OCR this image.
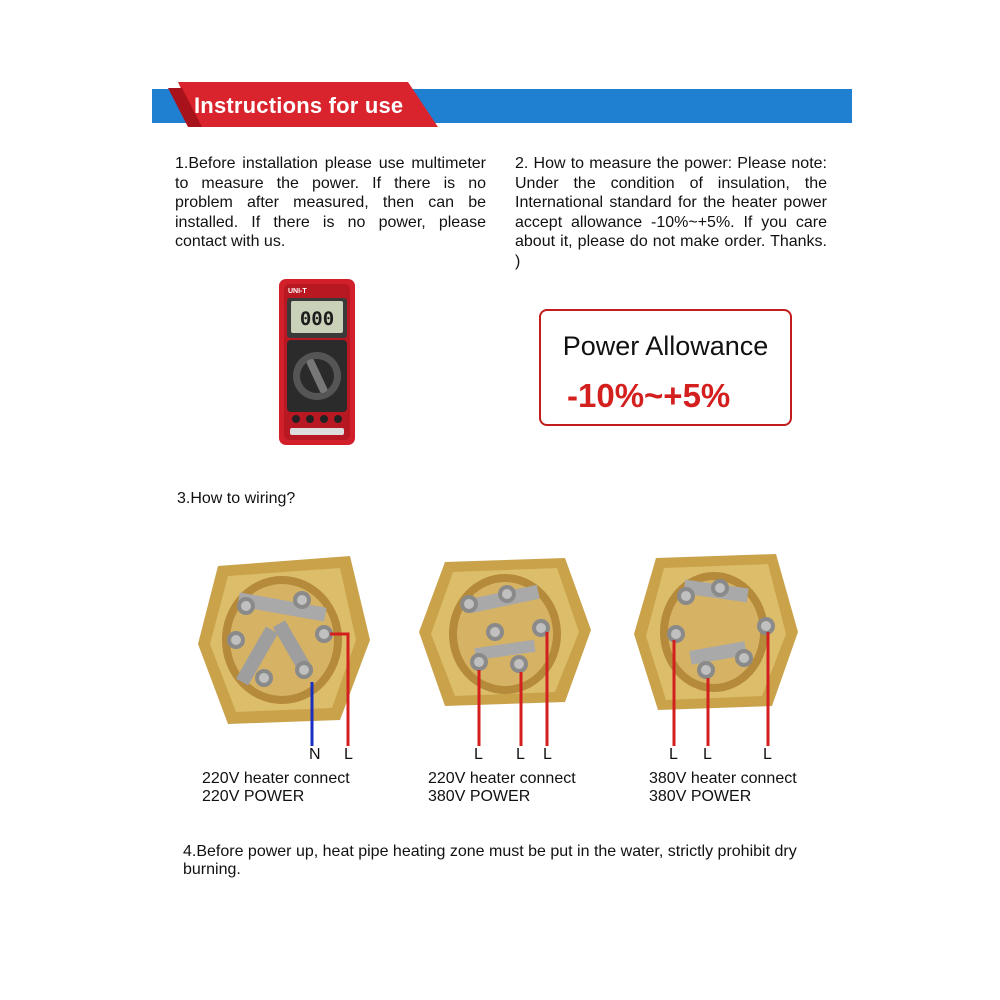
Instructions for use
1.Before installation please use multimeter to measure the power. If there is no problem after measured, then can be installed. If there is no power, please contact with us.
2. How to measure the power: Please note: Under the condition of insulation, the International standard for the heater power accept allowance -10%~+5%. If you care about it, please do not make order. Thanks. )
UNI-T
000
Power Allowance
-10%~+5%
3.How to wiring?
N L
220V heater connect
220V POWER
L L L
220V heater connect
380V POWER
L L	L
380V heater connect
380V POWER
4.Before power up, heat pipe heating zone must be put in the water, strictly prohibit dry burning.
